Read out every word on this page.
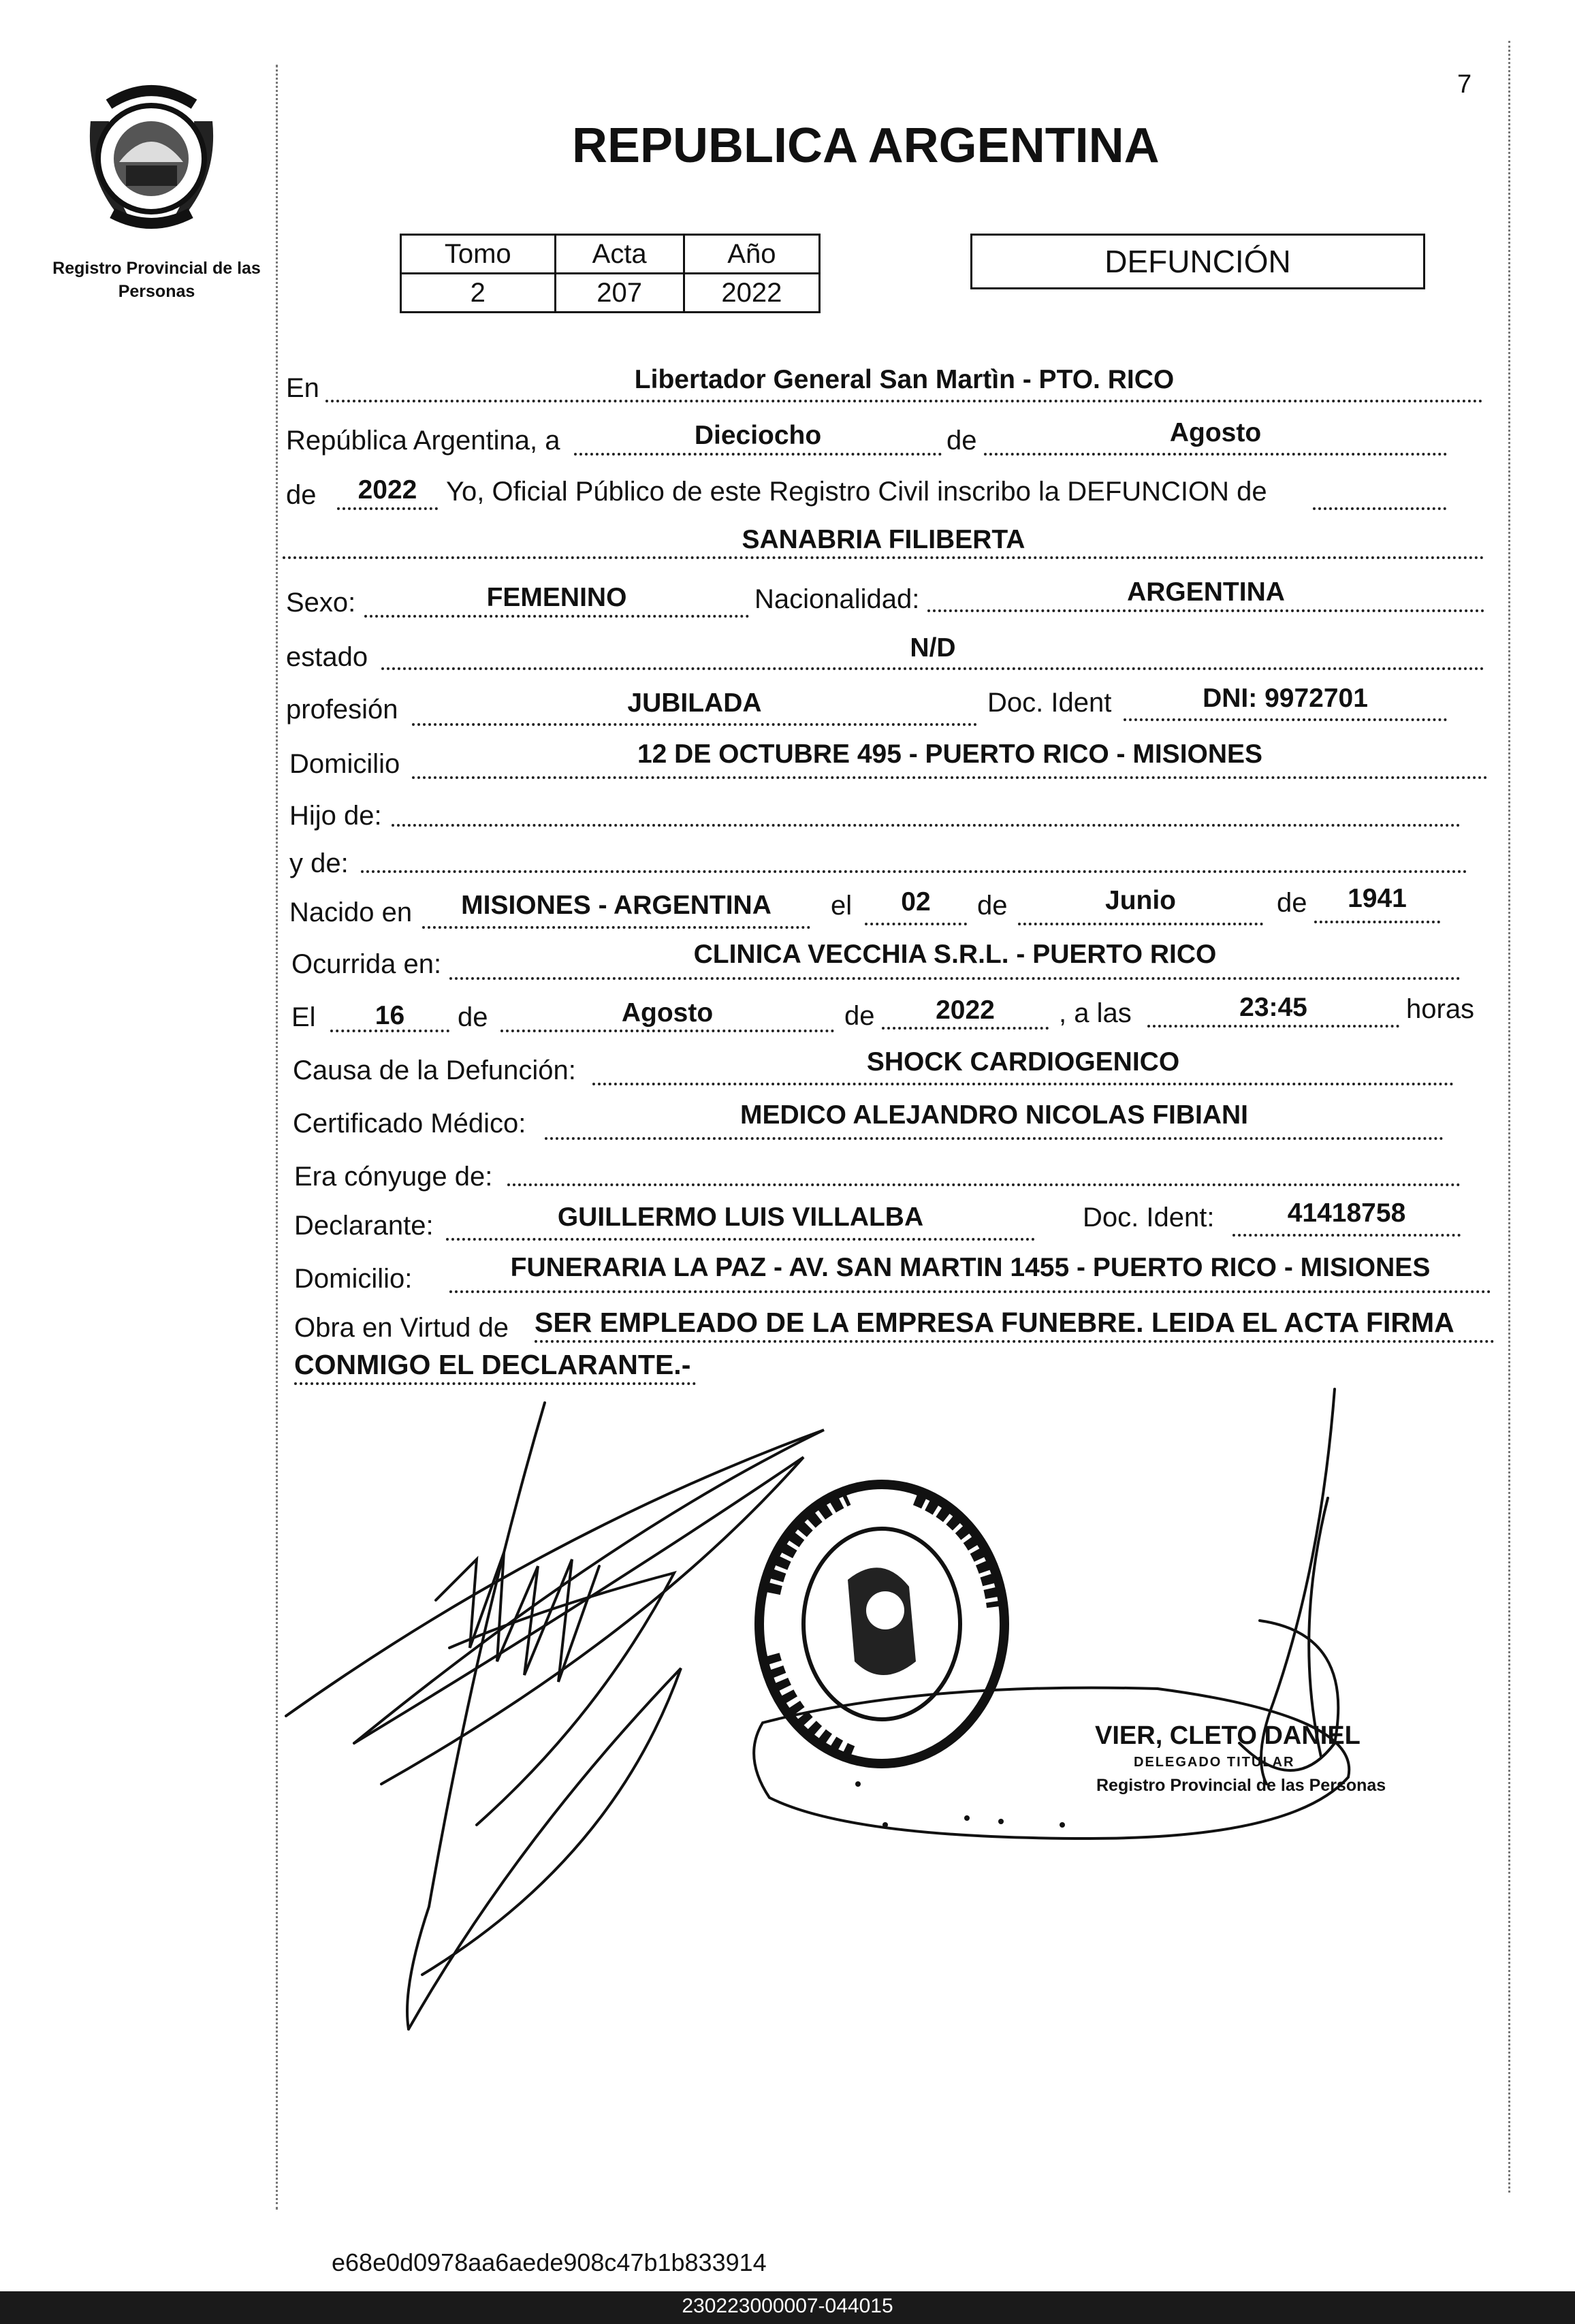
7
Registro Provincial de las Personas
REPUBLICA ARGENTINA
Tomo	Acta	Año
2	207	2022
DEFUNCIÓN
En	Libertador General San Martìn - PTO. RICO
República Argentina, a	Dieciocho	de	Agosto
de	2022	Yo, Oficial Público de este Registro Civil inscribo la DEFUNCION de
SANABRIA FILIBERTA
Sexo:	FEMENINO	Nacionalidad:	ARGENTINA
estado	N/D
profesión	JUBILADA	Doc. Ident	DNI: 9972701
Domicilio	12 DE OCTUBRE 495 - PUERTO RICO - MISIONES
Hijo de:
y de:
Nacido en	MISIONES - ARGENTINA	el	02	de	Junio	de	1941
Ocurrida en:	CLINICA VECCHIA S.R.L. - PUERTO RICO
El	16	de	Agosto	de	2022	, a las	23:45	horas
Causa de la Defunción:	SHOCK CARDIOGENICO
Certificado Médico:	MEDICO ALEJANDRO NICOLAS FIBIANI
Era cónyuge de:
Declarante:	GUILLERMO LUIS VILLALBA	Doc. Ident:	41418758
Domicilio:	FUNERARIA LA PAZ - AV. SAN MARTIN 1455 - PUERTO RICO - MISIONES
Obra en Virtud de SER EMPLEADO DE LA EMPRESA FUNEBRE. LEIDA EL ACTA FIRMA
CONMIGO EL DECLARANTE.-
VIER, CLETO DANIEL
DELEGADO TITULAR
Registro Provincial de las Personas
e68e0d0978aa6aede908c47b1b833914
230223000007-044015
